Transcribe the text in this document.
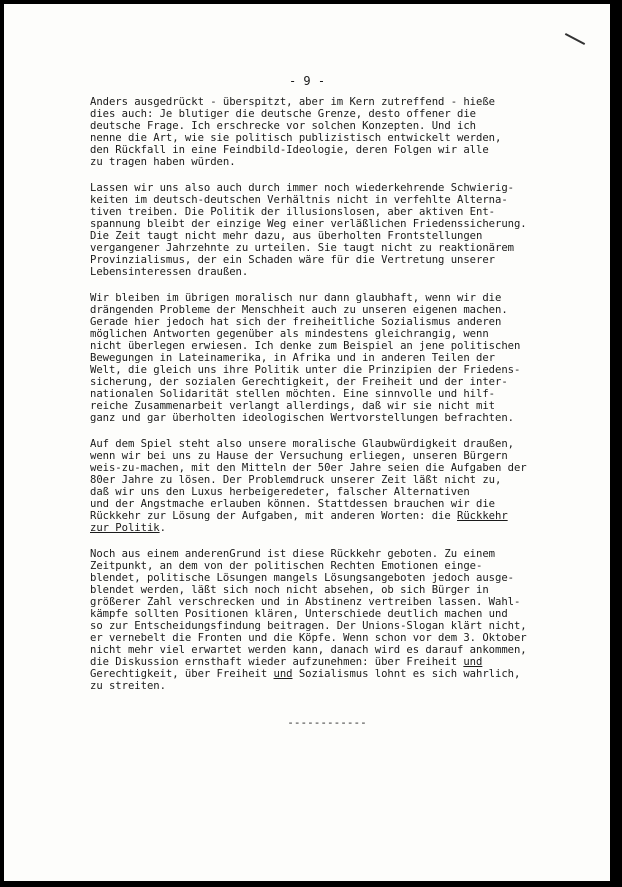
- 9 -
Anders ausgedrückt - überspitzt, aber im Kern zutreffend - hieße
dies auch: Je blutiger die deutsche Grenze, desto offener die
deutsche Frage. Ich erschrecke vor solchen Konzepten. Und ich
nenne die Art, wie sie politisch publizistisch entwickelt werden,
den Rückfall in eine Feindbild-Ideologie, deren Folgen wir alle
zu tragen haben würden.
Lassen wir uns also auch durch immer noch wiederkehrende Schwierig-
keiten im deutsch-deutschen Verhältnis nicht in verfehlte Alterna-
tiven treiben. Die Politik der illusionslosen, aber aktiven Ent-
spannung bleibt der einzige Weg einer verläßlichen Friedenssicherung.
Die Zeit taugt nicht mehr dazu, aus überholten Frontstellungen
vergangener Jahrzehnte zu urteilen. Sie taugt nicht zu reaktionärem
Provinzialismus, der ein Schaden wäre für die Vertretung unserer
Lebensinteressen draußen.
Wir bleiben im übrigen moralisch nur dann glaubhaft, wenn wir die
drängenden Probleme der Menschheit auch zu unseren eigenen machen.
Gerade hier jedoch hat sich der freiheitliche Sozialismus anderen
möglichen Antworten gegenüber als mindestens gleichrangig, wenn
nicht überlegen erwiesen. Ich denke zum Beispiel an jene politischen
Bewegungen in Lateinamerika, in Afrika und in anderen Teilen der
Welt, die gleich uns ihre Politik unter die Prinzipien der Friedens-
sicherung, der sozialen Gerechtigkeit, der Freiheit und der inter-
nationalen Solidarität stellen möchten. Eine sinnvolle und hilf-
reiche Zusammenarbeit verlangt allerdings, daß wir sie nicht mit
ganz und gar überholten ideologischen Wertvorstellungen befrachten.
Auf dem Spiel steht also unsere moralische Glaubwürdigkeit draußen,
wenn wir bei uns zu Hause der Versuchung erliegen, unseren Bürgern
weis-zu-machen, mit den Mitteln der 50er Jahre seien die Aufgaben der
80er Jahre zu lösen. Der Problemdruck unserer Zeit läßt nicht zu,
daß wir uns den Luxus herbeigeredeter, falscher Alternativen
und der Angstmache erlauben können. Stattdessen brauchen wir die
Rückkehr zur Lösung der Aufgaben, mit anderen Worten: die Rückkehr
zur Politik.
Noch aus einem anderenGrund ist diese Rückkehr geboten. Zu einem
Zeitpunkt, an dem von der politischen Rechten Emotionen einge-
blendet, politische Lösungen mangels Lösungsangeboten jedoch ausge-
blendet werden, läßt sich noch nicht absehen, ob sich Bürger in
größerer Zahl verschrecken und in Abstinenz vertreiben lassen. Wahl-
kämpfe sollten Positionen klären, Unterschiede deutlich machen und
so zur Entscheidungsfindung beitragen. Der Unions-Slogan klärt nicht,
er vernebelt die Fronten und die Köpfe. Wenn schon vor dem 3. Oktober
nicht mehr viel erwartet werden kann, danach wird es darauf ankommen,
die Diskussion ernsthaft wieder aufzunehmen: über Freiheit und
Gerechtigkeit, über Freiheit und Sozialismus lohnt es sich wahrlich,
zu streiten.
------------
